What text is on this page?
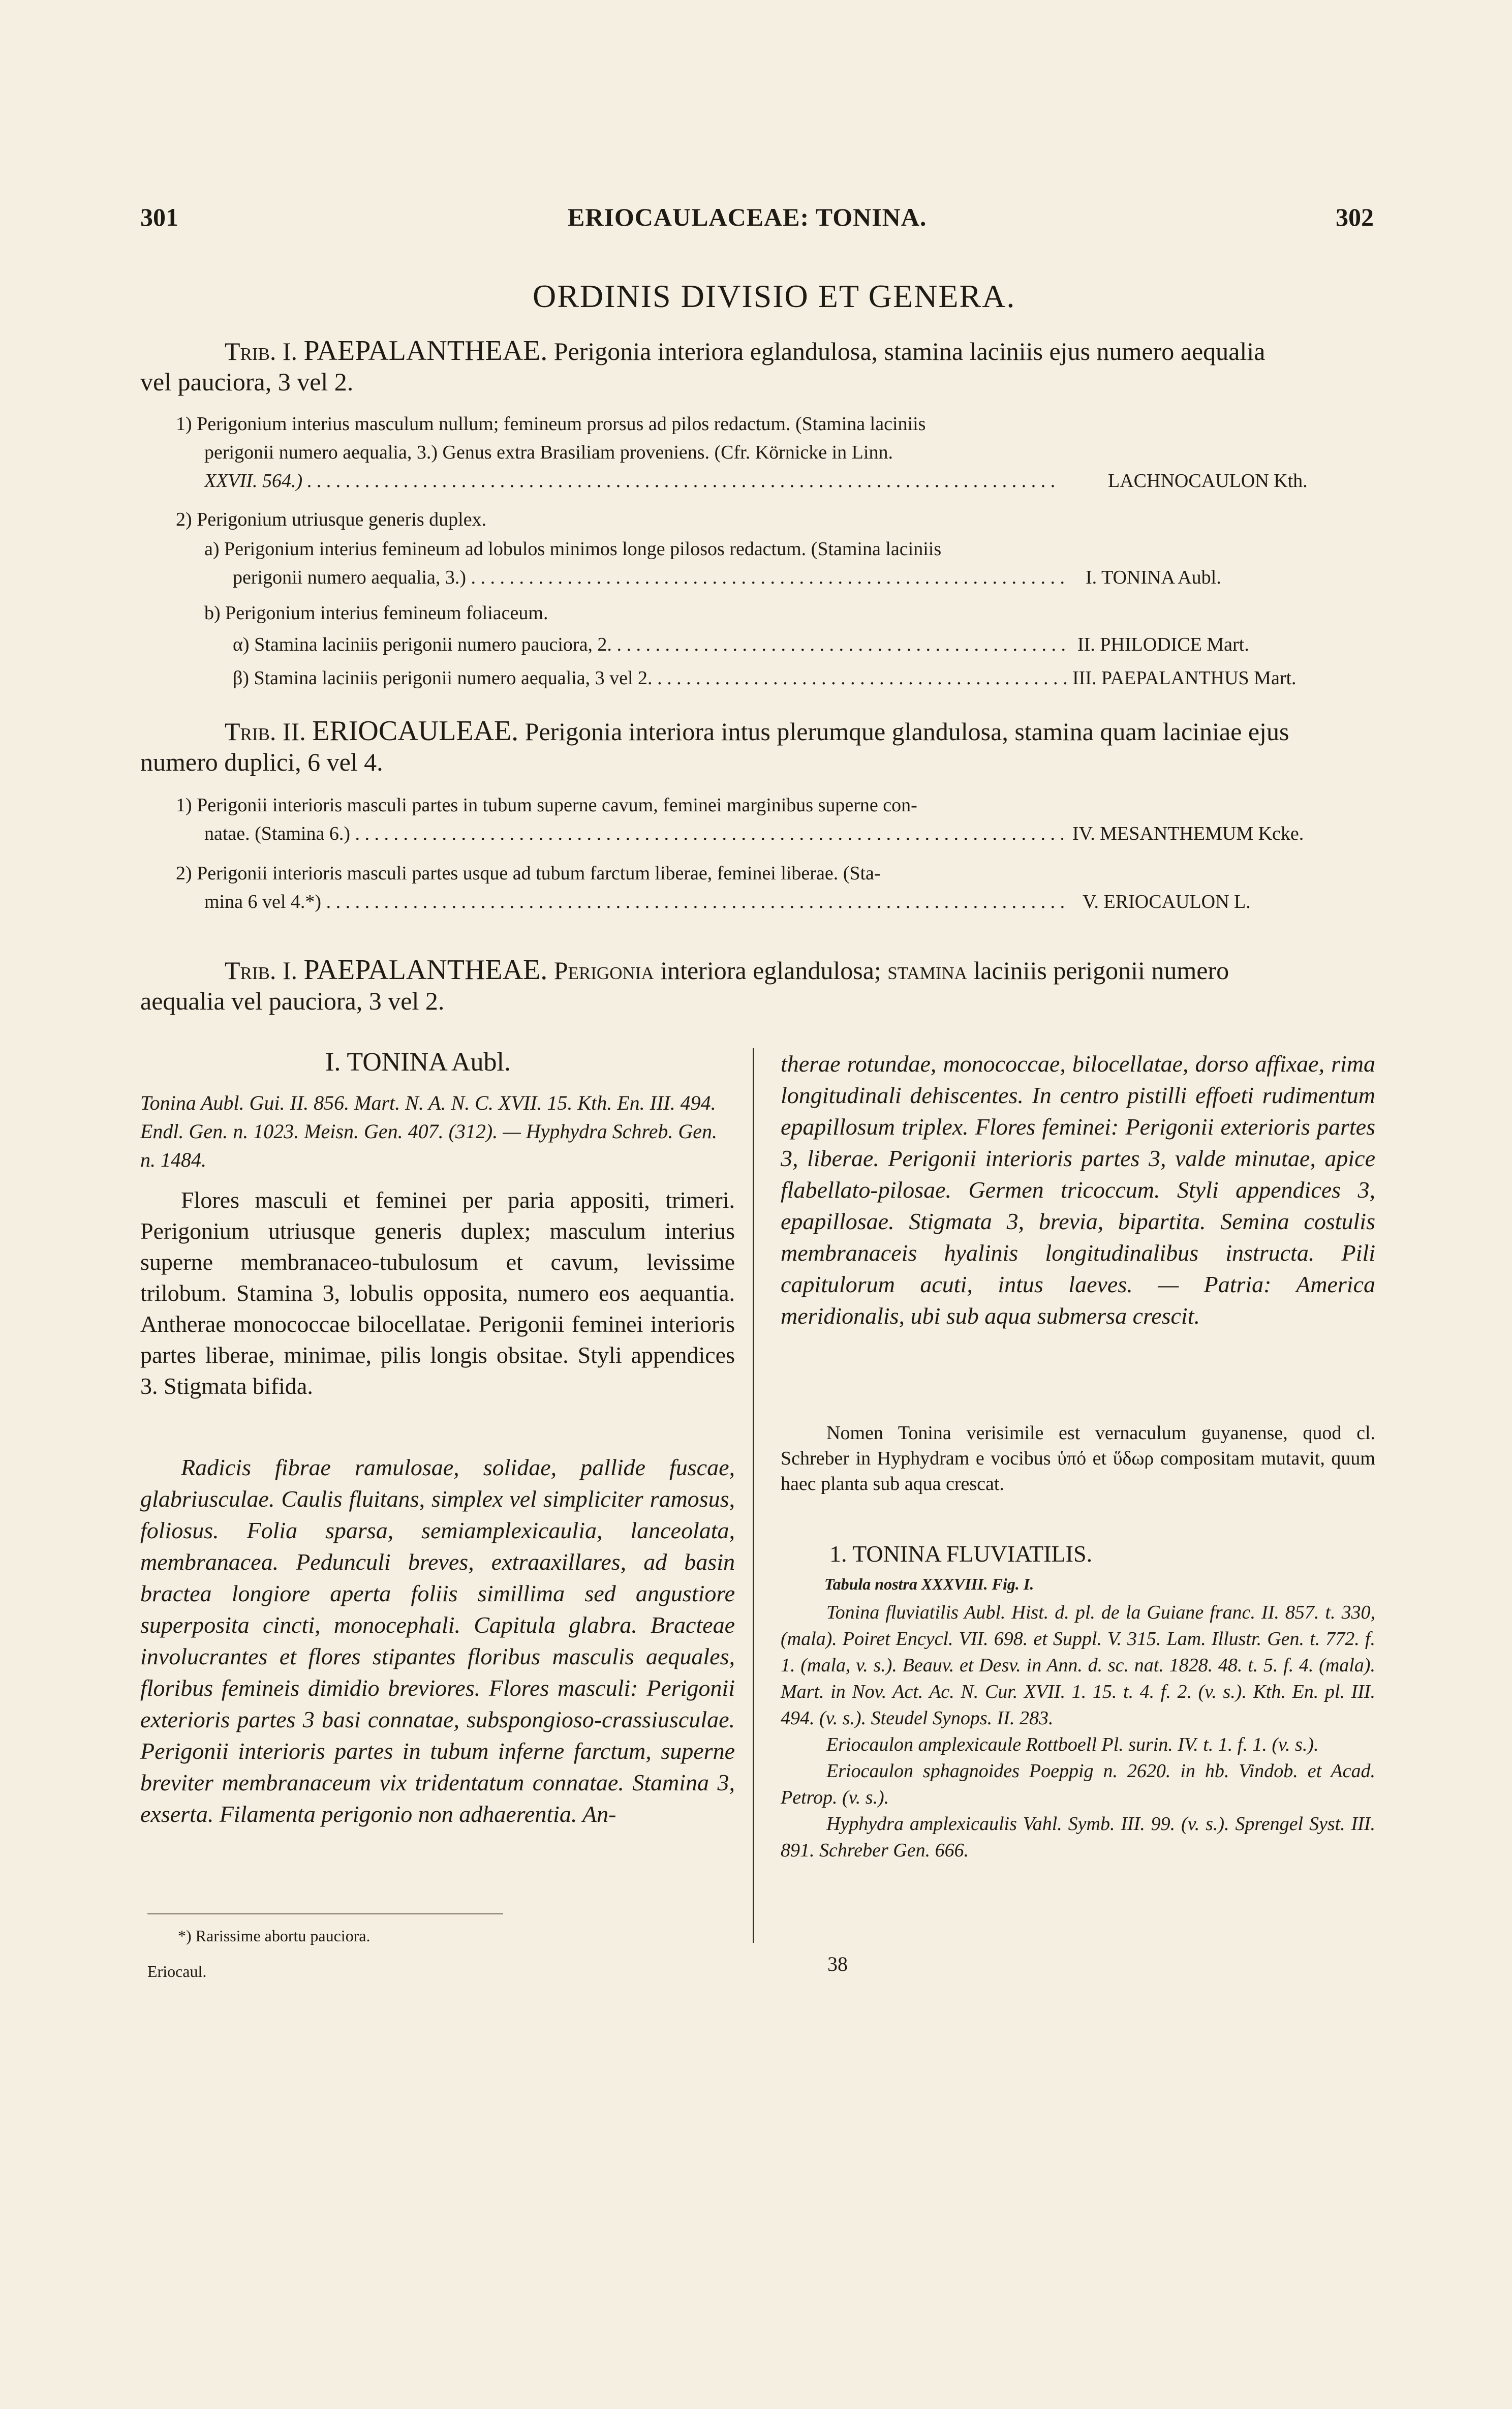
301	ERIOCAULACEAE: TONINA.	302
ORDINIS DIVISIO ET GENERA.
Trib. I. PAEPALANTHEAE. Perigonia interiora eglandulosa, stamina laciniis ejus numero aequalia
vel pauciora, 3 vel 2.
1) Perigonium interius masculum nullum; femineum prorsus ad pilos redactum. (Stamina laciniis
perigonii numero aequalia, 3.) Genus extra Brasiliam proveniens. (Cfr. Körnicke in Linn.
XXVII. 564.) . . .	LACHNOCAULON Kth.
2) Perigonium utriusque generis duplex.
a) Perigonium interius femineum ad lobulos minimos longe pilosos redactum. (Stamina laciniis
perigonii numero aequalia, 3.) . . .	I. TONINA Aubl.
b) Perigonium interius femineum foliaceum.
α) Stamina laciniis perigonii numero pauciora, 2. . . .	II. PHILODICE Mart.
β) Stamina laciniis perigonii numero aequalia, 3 vel 2. . . .	III. PAEPALANTHUS Mart.
Trib. II. ERIOCAULEAE. Perigonia interiora intus plerumque glandulosa, stamina quam laciniae ejus
numero duplici, 6 vel 4.
1) Perigonii interioris masculi partes in tubum superne cavum, feminei marginibus superne con-
natae. (Stamina 6.) . . .	IV. MESANTHEMUM Kcke.
2) Perigonii interioris masculi partes usque ad tubum farctum liberae, feminei liberae. (Sta-
mina 6 vel 4.*) . . .	V. ERIOCAULON L.
Trib. I. PAEPALANTHEAE. Perigonia interiora eglandulosa; stamina laciniis perigonii numero
aequalia vel pauciora, 3 vel 2.
I. TONINA Aubl.
Tonina Aubl. Gui. II. 856. Mart. N. A. N. C. XVII. 15. Kth. En. III. 494. Endl. Gen. n. 1023. Meisn. Gen. 407. (312). — Hyphydra Schreb. Gen. n. 1484.

Flores masculi et feminei per paria appositi, trimeri. Perigonium utriusque generis duplex; masculum interius superne membranaceo-tubulosum et cavum, levissime trilobum. Stamina 3, lobulis opposita, numero eos aequantia. Antherae monococcae bilocellatae. Perigonii feminei interioris partes liberae, minimae, pilis longis obsitae. Styli appendices 3. Stigmata bifida.

Radicis fibrae ramulosae, solidae, pallide fuscae, glabriusculae. Caulis fluitans, simplex vel simpliciter ramosus, foliosus. Folia sparsa, semiamplexicaulia, lanceolata, membranacea. Pedunculi breves, extraaxillares, ad basin bractea longiore aperta foliis simillima sed angustiore superposita cincti, monocephali. Capitula glabra. Bracteae involucrantes et flores stipantes floribus masculis aequales, floribus femineis dimidio breviores. Flores masculi: Perigonii exterioris partes 3 basi connatae, subspongioso-crassiusculae. Perigonii interioris partes in tubum inferne farctum, superne breviter membranaceum vix tridentatum connatae. Stamina 3, exserta. Filamenta perigonio non adhaerentia. An-

*) Rarissime abortu pauciora.
Eriocaul.

therae rotundae, monococcae, bilocellatae, dorso affixae, rima longitudinali dehiscentes. In centro pistilli effoeti rudimentum epapillosum triplex. Flores feminei: Perigonii exterioris partes 3, liberae. Perigonii interioris partes 3, valde minutae, apice flabellato-pilosae. Germen tricoccum. Styli appendices 3, epapillosae. Stigmata 3, brevia, bipartita. Semina costulis membranaceis hyalinis longitudinalibus instructa. Pili capitulorum acuti, intus laeves. — Patria: America meridionalis, ubi sub aqua submersa crescit.

Nomen Tonina verisimile est vernaculum guyanense, quod cl. Schreber in Hyphydram e vocibus ὑπό et ὕδωρ compositam mutavit, quum haec planta sub aqua crescat.

1. TONINA FLUVIATILIS.
Tabula nostra XXXVIII. Fig. I.

Tonina fluviatilis Aubl. Hist. d. pl. de la Guiane franc. II. 857. t. 330, (mala). Poiret Encycl. VII. 698. et Suppl. V. 315. Lam. Illustr. Gen. t. 772. f. 1. (mala, v. s.). Beauv. et Desv. in Ann. d. sc. nat. 1828. 48. t. 5. f. 4. (mala). Mart. in Nov. Act. Ac. N. Cur. XVII. 1. 15. t. 4. f. 2. (v. s.). Kth. En. pl. III. 494. (v. s.). Steudel Synops. II. 283.

Eriocaulon amplexicaule Rottboell Pl. surin. IV. t. 1. f. 1. (v. s.).

Eriocaulon sphagnoides Poeppig n. 2620. in hb. Vindob. et Acad. Petrop. (v. s.).

Hyphydra amplexicaulis Vahl. Symb. III. 99. (v. s.). Sprengel Syst. III. 891. Schreber Gen. 666.

38
